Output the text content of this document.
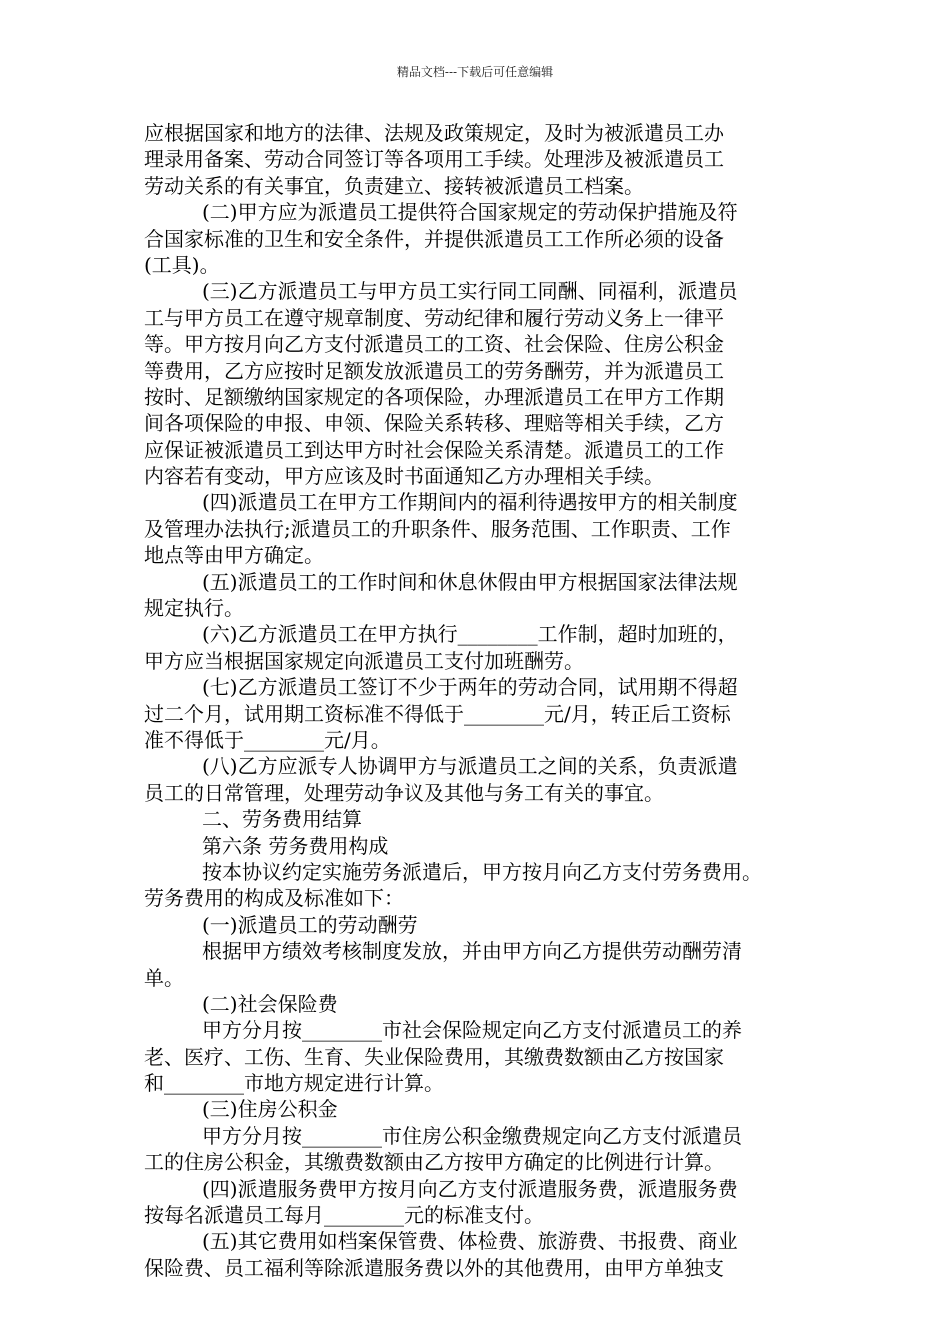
精品文档---下载后可任意编辑
应根据国家和地方的法律、法规及政策规定，及时为被派遣员工办
理录用备案、劳动合同签订等各项用工手续。处理涉及被派遣员工
劳动关系的有关事宜，负责建立、接转被派遣员工档案。
(二)甲方应为派遣员工提供符合国家规定的劳动保护措施及符
合国家标准的卫生和安全条件，并提供派遣员工工作所必须的设备
(工具)。
(三)乙方派遣员工与甲方员工实行同工同酬、同福利，派遣员
工与甲方员工在遵守规章制度、劳动纪律和履行劳动义务上一律平
等。甲方按月向乙方支付派遣员工的工资、社会保险、住房公积金
等费用，乙方应按时足额发放派遣员工的劳务酬劳，并为派遣员工
按时、足额缴纳国家规定的各项保险，办理派遣员工在甲方工作期
间各项保险的申报、申领、保险关系转移、理赔等相关手续，乙方
应保证被派遣员工到达甲方时社会保险关系清楚。派遣员工的工作
内容若有变动，甲方应该及时书面通知乙方办理相关手续。
(四)派遣员工在甲方工作期间内的福利待遇按甲方的相关制度
及管理办法执行;派遣员工的升职条件、服务范围、工作职责、工作
地点等由甲方确定。
(五)派遣员工的工作时间和休息休假由甲方根据国家法律法规
规定执行。
(六)乙方派遣员工在甲方执行________工作制，超时加班的，
甲方应当根据国家规定向派遣员工支付加班酬劳。
(七)乙方派遣员工签订不少于两年的劳动合同，试用期不得超
过二个月，试用期工资标准不得低于________元/月，转正后工资标
准不得低于________元/月。
(八)乙方应派专人协调甲方与派遣员工之间的关系，负责派遣
员工的日常管理，处理劳动争议及其他与务工有关的事宜。
二、劳务费用结算
第六条 劳务费用构成
按本协议约定实施劳务派遣后，甲方按月向乙方支付劳务费用。
劳务费用的构成及标准如下：
(一)派遣员工的劳动酬劳
根据甲方绩效考核制度发放，并由甲方向乙方提供劳动酬劳清
单。
(二)社会保险费
甲方分月按________市社会保险规定向乙方支付派遣员工的养
老、医疗、工伤、生育、失业保险费用，其缴费数额由乙方按国家
和________市地方规定进行计算。
(三)住房公积金
甲方分月按________市住房公积金缴费规定向乙方支付派遣员
工的住房公积金，其缴费数额由乙方按甲方确定的比例进行计算。
(四)派遣服务费甲方按月向乙方支付派遣服务费，派遣服务费
按每名派遣员工每月________元的标准支付。
(五)其它费用如档案保管费、体检费、旅游费、书报费、商业
保险费、员工福利等除派遣服务费以外的其他费用，由甲方单独支
